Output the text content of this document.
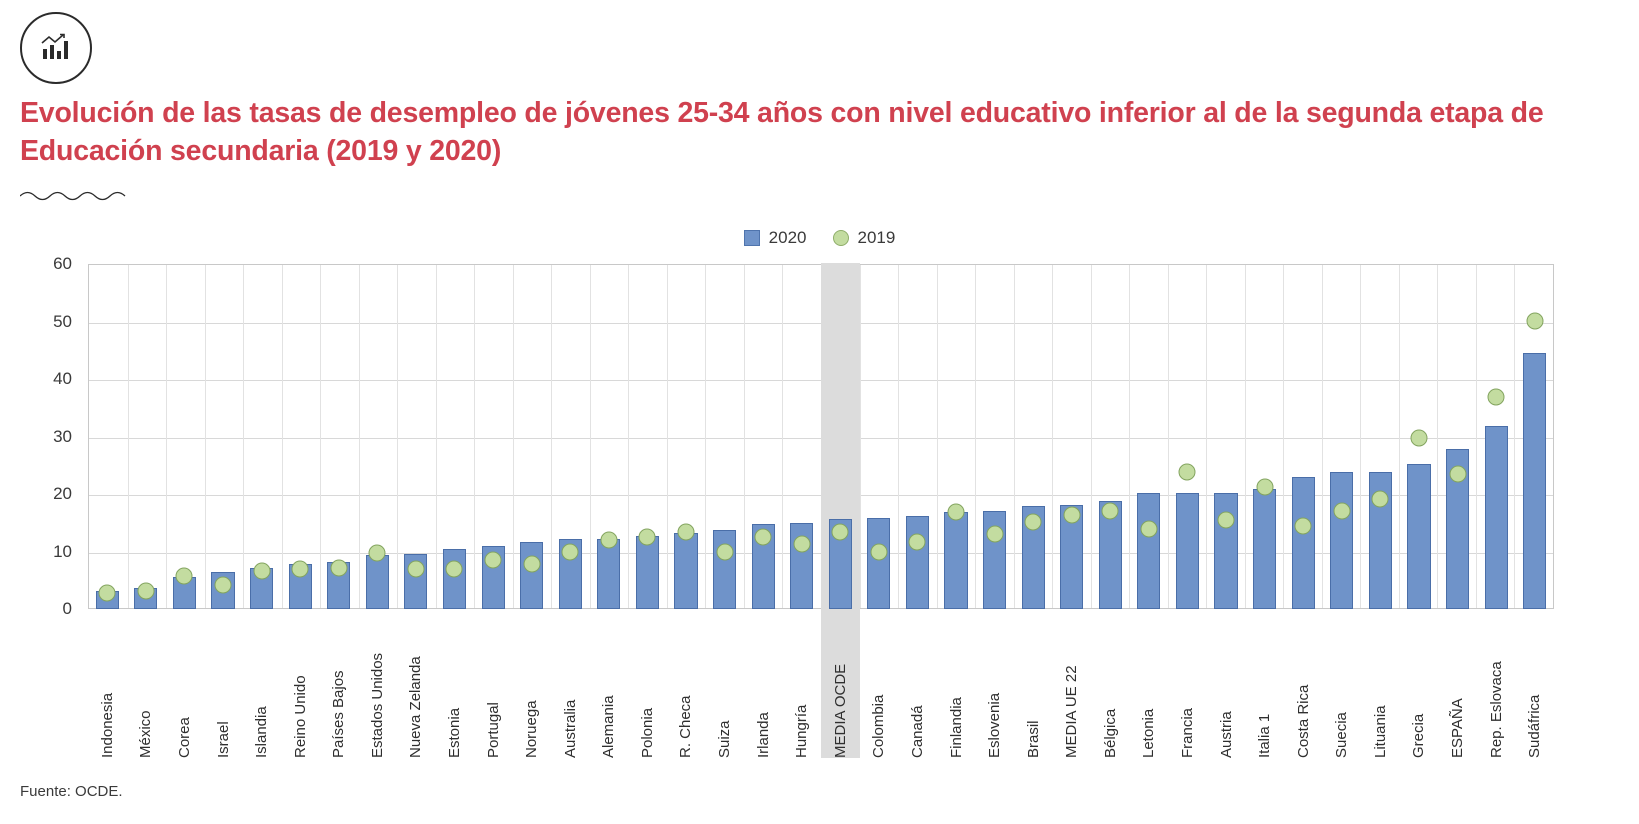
Evolución de las tasas de desempleo de jóvenes 25-34 años con nivel educativo inferior al de la segunda etapa de Educación secundaria (2019 y 2020)
2020	2019
0
10
20
30
40
50
60
Indonesia México Corea Israel Islandia Reino Unido Países Bajos Estados Unidos Nueva Zelanda Estonia Portugal Noruega Australia Alemania Polonia R. Checa Suiza Irlanda Hungría MEDIA OCDE Colombia Canadá Finlandia Eslovenia Brasil MEDIA UE 22 Bélgica Letonia Francia Austria Italia 1 Costa Rica Suecia Lituania Grecia ESPAÑA Rep. Eslovaca Sudáfrica
Fuente: OCDE.
